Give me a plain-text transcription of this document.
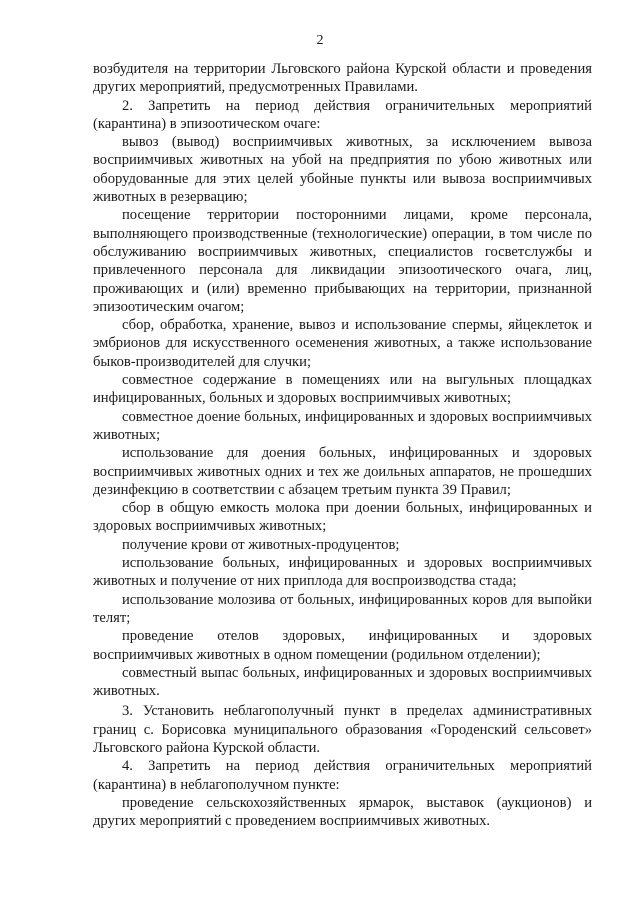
2

возбудителя на территории Льговского района Курской области и проведения других мероприятий, предусмотренных Правилами.

2. Запретить на период действия ограничительных мероприятий (карантина) в эпизоотическом очаге:

вывоз (вывод) восприимчивых животных, за исключением вывоза восприимчивых животных на убой на предприятия по убою животных или оборудованные для этих целей убойные пункты или вывоза восприимчивых животных в резервацию;

посещение территории посторонними лицами, кроме персонала, выполняющего производственные (технологические) операции, в том числе по обслуживанию восприимчивых животных, специалистов госветслужбы и привлеченного персонала для ликвидации эпизоотического очага, лиц, проживающих и (или) временно прибывающих на территории, признанной эпизоотическим очагом;

сбор, обработка, хранение, вывоз и использование спермы, яйцеклеток и эмбрионов для искусственного осеменения животных, а также использование быков-производителей для случки;

совместное содержание в помещениях или на выгульных площадках инфицированных, больных и здоровых восприимчивых животных;

совместное доение больных, инфицированных и здоровых восприимчивых животных;

использование для доения больных, инфицированных и здоровых восприимчивых животных одних и тех же доильных аппаратов, не прошедших дезинфекцию в соответствии с абзацем третьим пункта 39 Правил;

сбор в общую емкость молока при доении больных, инфицированных и здоровых восприимчивых животных;

получение крови от животных-продуцентов;

использование больных, инфицированных и здоровых восприимчивых животных и получение от них приплода для воспроизводства стада;

использование молозива от больных, инфицированных коров для выпойки телят;

проведение отелов здоровых, инфицированных и здоровых восприимчивых животных в одном помещении (родильном отделении);

совместный выпас больных, инфицированных и здоровых восприимчивых животных.

3. Установить неблагополучный пункт в пределах административных границ с. Борисовка муниципального образования «Городенский сельсовет» Льговского района Курской области.

4. Запретить на период действия ограничительных мероприятий (карантина) в неблагополучном пункте:

проведение сельскохозяйственных ярмарок, выставок (аукционов) и других мероприятий с проведением восприимчивых животных.
